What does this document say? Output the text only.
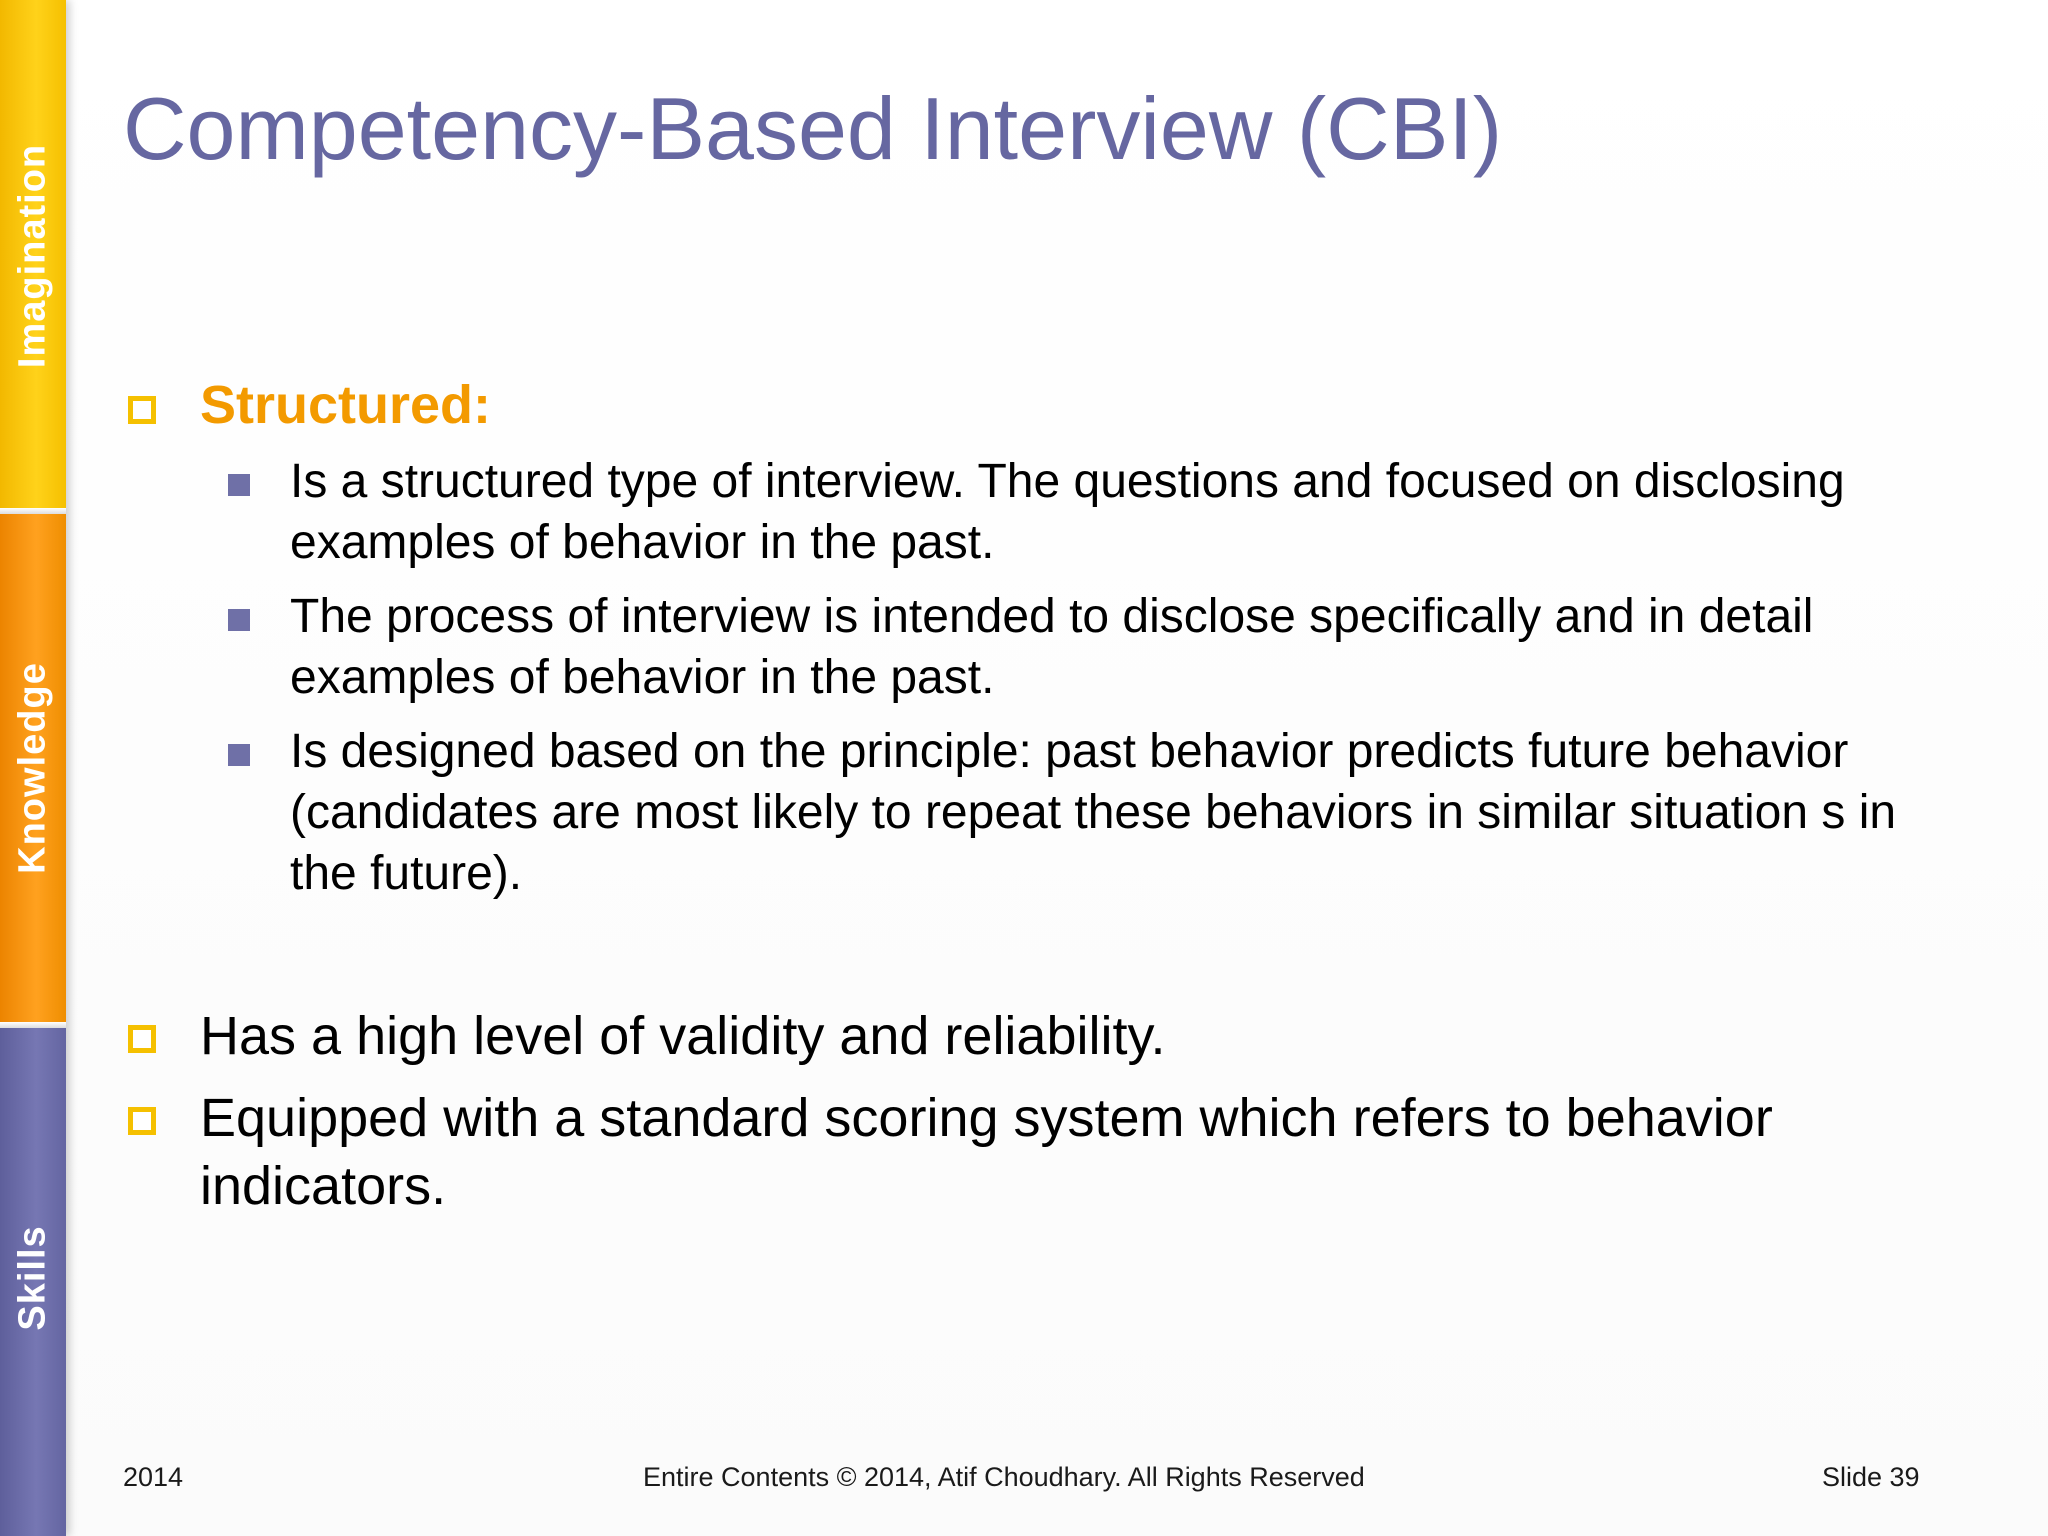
Imagination
Knowledge
Skills
Competency-Based Interview (CBI)
Structured:
Is a structured type of interview. The questions and focused on disclosing examples of behavior in the past.
The process of interview is intended to disclose specifically and in detail examples of behavior in the past.
Is designed based on the principle: past behavior predicts future behavior (candidates are most likely to repeat these behaviors in similar situation s in the future).
Has a high level of validity and reliability.
Equipped with a standard scoring system which refers to behavior indicators.
2014	Entire Contents © 2014, Atif Choudhary. All Rights Reserved	Slide 39
